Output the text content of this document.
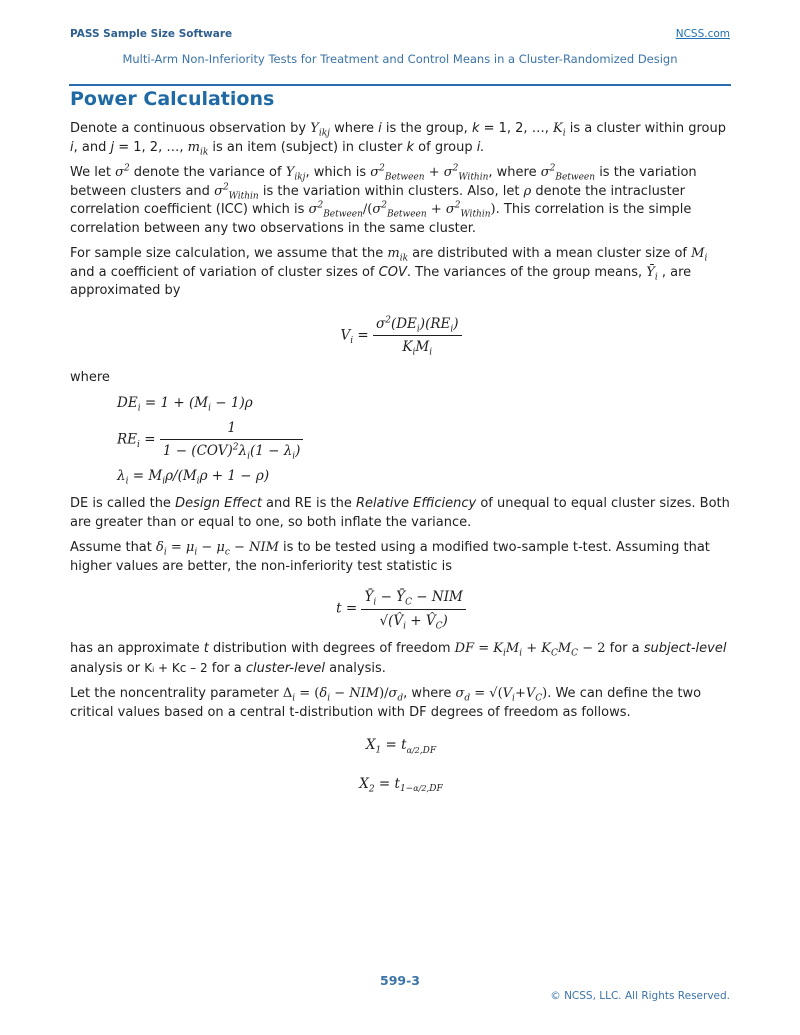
PASS Sample Size Software	NCSS.com
Multi-Arm Non-Inferiority Tests for Treatment and Control Means in a Cluster-Randomized Design
Power Calculations

Denote a continuous observation by $Y_{ikj}$ where i is the group, k = 1, 2, …, $K_i$ is a cluster within group i, and j = 1, 2, …, $m_{ik}$ is an item (subject) in cluster k of group i.

We let $\sigma^2$ denote the variance of $Y_{ikj}$, which is $\sigma^2_{Between} + \sigma^2_{Within}$, where $\sigma^2_{Between}$ is the variation between clusters and $\sigma^2_{Within}$ is the variation within clusters. Also, let ρ denote the intracluster correlation coefficient (ICC) which is $\sigma^2_{Between}/(\sigma^2_{Between} + \sigma^2_{Within})$. This correlation is the simple correlation between any two observations in the same cluster.

For sample size calculation, we assume that the $m_{ik}$ are distributed with a mean cluster size of $M_i$ and a coefficient of variation of cluster sizes of COV. The variances of the group means, $Ȳ_i$ , are approximated by

$V_i = \frac{\sigma^2(DE_i)(RE_i)}{K_iM_i}$

where

$DE_i = 1 + (M_i - 1)\rho$
$RE_i = \frac{1}{1 - (COV)^2\lambda_i(1 - \lambda_i)}$
$\lambda_i = M_i\rho/(M_i\rho + 1 - \rho)$

DE is called the Design Effect and RE is the Relative Efficiency of unequal to equal cluster sizes. Both are greater than or equal to one, so both inflate the variance.

Assume that $\delta_i = \mu_i - \mu_c$ − NIM is to be tested using a modified two-sample t-test. Assuming that higher values are better, the non-inferiority test statistic is

$t = \frac{Ȳ_i - Ȳ_C - NIM}{√(V̂_i + V̂_C)}$

has an approximate t distribution with degrees of freedom DF = $K_iM_i + K_CM_C - 2$ for a subject-level analysis or Kᵢ + Kᴄ – 2 for a cluster-level analysis.

Let the noncentrality parameter $\Delta_i = (\delta_i - NIM)/\sigma_d$, where $\sigma_d = √(V_i+V_C)$. We can define the two critical values based on a central t-distribution with DF degrees of freedom as follows.

$X_1 = t_{\alpha/2,DF}$
$X_2 = t_{1-\alpha/2,DF}$
599-3
© NCSS, LLC. All Rights Reserved.
